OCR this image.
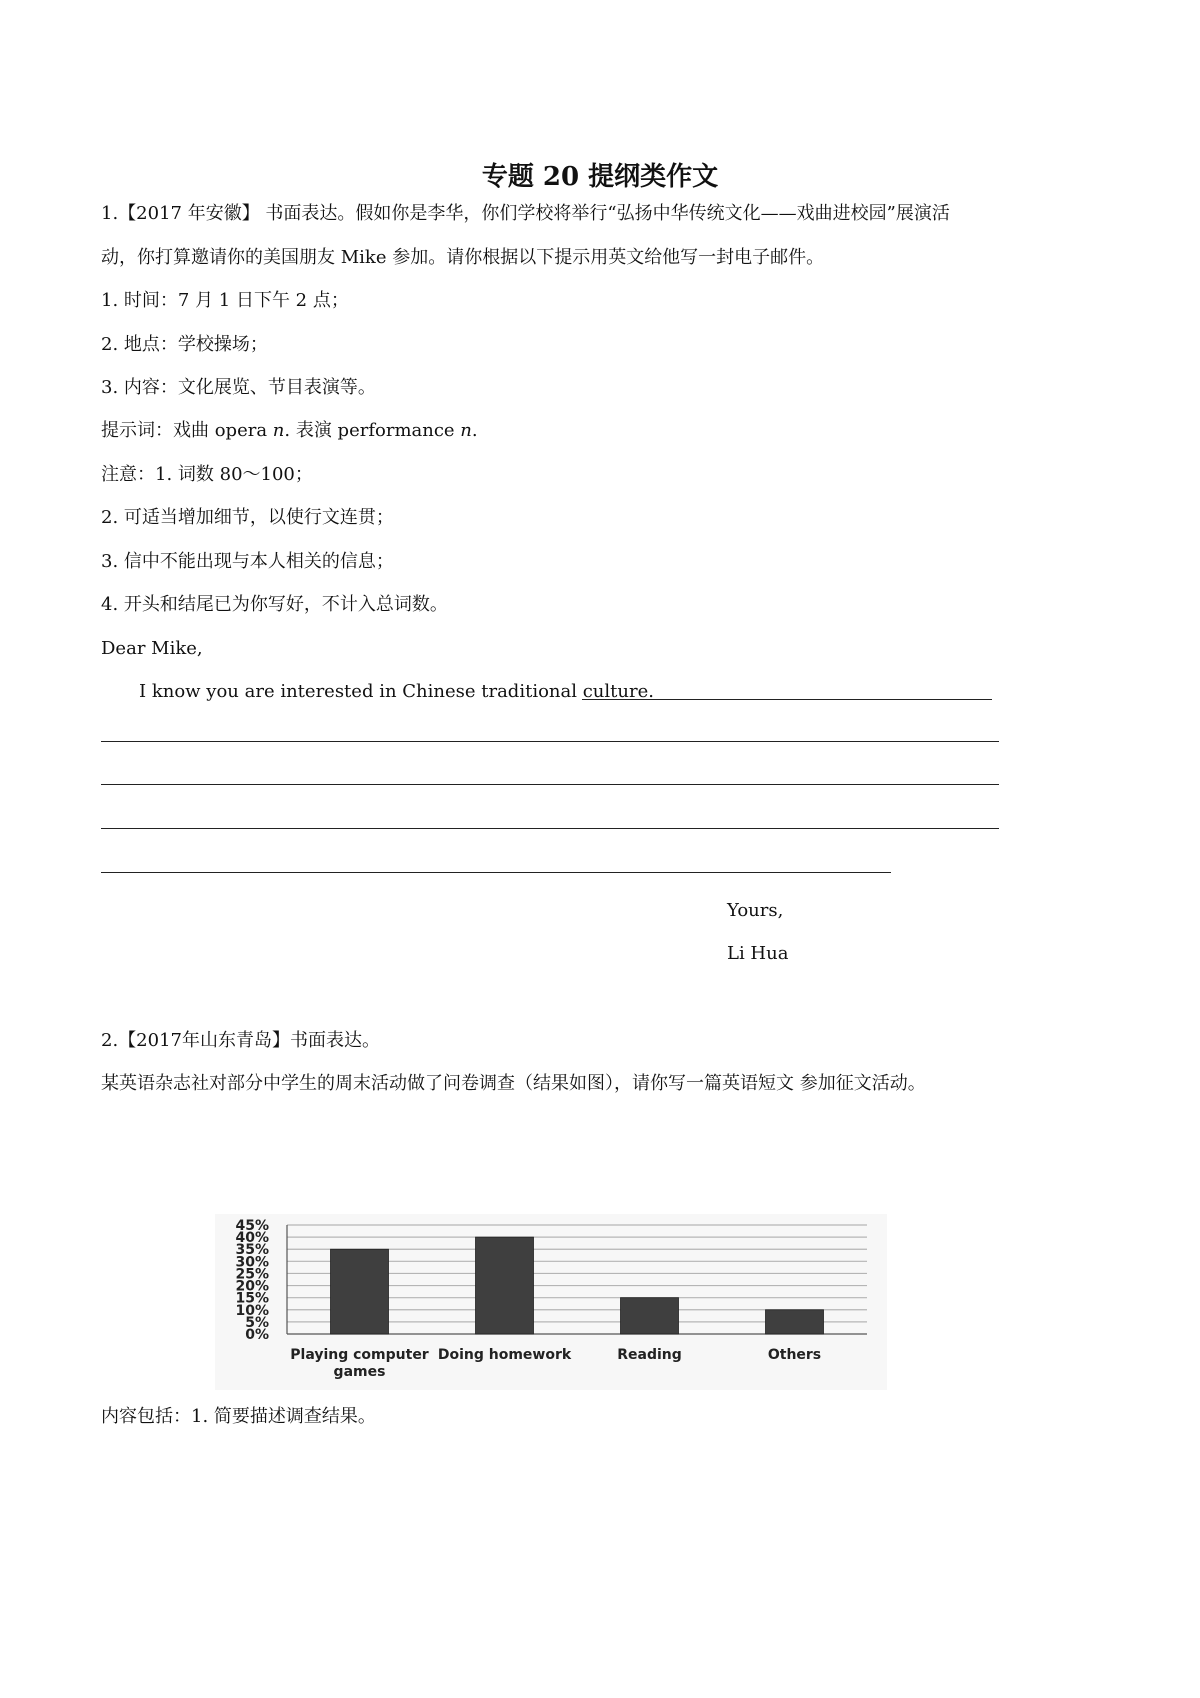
专题 20 提纲类作文
1.【2017 年安徽】 书面表达。假如你是李华，你们学校将举行“弘扬中华传统文化——戏曲进校园”展演活
动，你打算邀请你的美国朋友 Mike 参加。请你根据以下提示用英文给他写一封电子邮件。
1. 时间：7 月 1 日下午 2 点；
2. 地点：学校操场；
3. 内容：文化展览、节目表演等。
提示词：戏曲 opera n. 表演 performance n.
注意：1. 词数 80～100；
2. 可适当增加细节，以使行文连贯；
3. 信中不能出现与本人相关的信息；
4. 开头和结尾已为你写好，不计入总词数。
Dear Mike,
I know you are interested in Chinese traditional culture.
Yours,
Li Hua
2.【2017年山东青岛】书面表达。
某英语杂志社对部分中学生的周末活动做了问卷调查（结果如图），请你写一篇英语短文 参加征文活动。
0%
5%
10%
15%
20%
25%
30%
35%
40%
45%
Playing computer
games
Doing homework	Reading	Others
内容包括：1. 简要描述调查结果。
